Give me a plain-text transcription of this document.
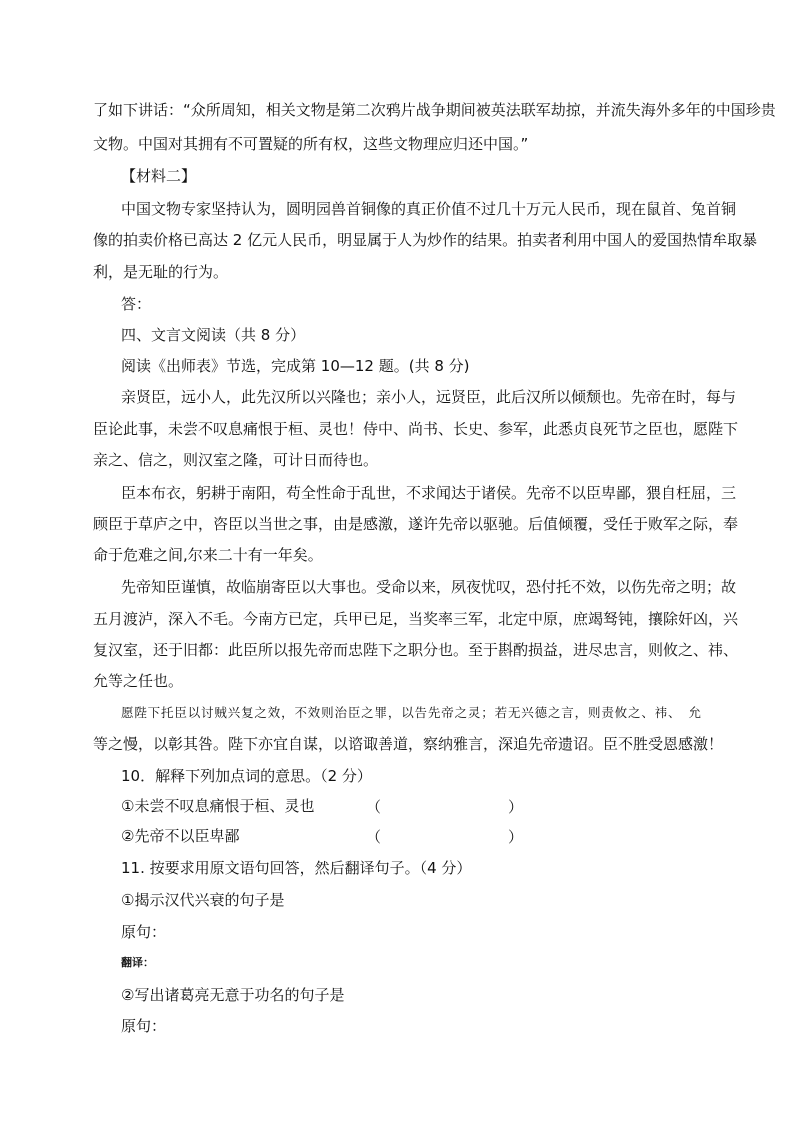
了如下讲话：“众所周知，相关文物是第二次鸦片战争期间被英法联军劫掠，并流失海外多年的中国珍贵
文物。中国对其拥有不可置疑的所有权，这些文物理应归还中国。”
【材料二】
中国文物专家坚持认为，圆明园兽首铜像的真正价值不过几十万元人民币，现在鼠首、兔首铜
像的拍卖价格已高达 2 亿元人民币，明显属于人为炒作的结果。拍卖者利用中国人的爱国热情牟取暴
利，是无耻的行为。
答：
四、文言文阅读（共 8 分）
阅读《出师表》节选，完成第 10—12 题。(共 8 分)
亲贤臣，远小人，此先汉所以兴隆也；亲小人，远贤臣，此后汉所以倾颓也。先帝在时，每与
臣论此事，未尝不叹息痛恨于桓、灵也！侍中、尚书、长史、参军，此悉贞良死节之臣也，愿陛下
亲之、信之，则汉室之隆，可计日而待也。
臣本布衣，躬耕于南阳，苟全性命于乱世，不求闻达于诸侯。先帝不以臣卑鄙，猥自枉屈，三
顾臣于草庐之中，咨臣以当世之事，由是感激，遂许先帝以驱驰。后值倾覆，受任于败军之际，奉
命于危难之间,尔来二十有一年矣。
先帝知臣谨慎，故临崩寄臣以大事也。受命以来，夙夜忧叹，恐付托不效，以伤先帝之明；故
五月渡泸，深入不毛。今南方已定，兵甲已足，当奖率三军，北定中原，庶竭驽钝，攘除奸凶，兴
复汉室，还于旧都：此臣所以报先帝而忠陛下之职分也。至于斟酌损益，进尽忠言，则攸之、祎、
允等之任也。
愿陛下托臣以讨贼兴复之效，不效则治臣之罪，以告先帝之灵；若无兴德之言，则责攸之、祎、　允
等之慢，以彰其咎。陛下亦宜自谋，以谘诹善道，察纳雅言，深追先帝遗诏。臣不胜受恩感激！
10．解释下列加点词的意思。（2 分）
①未尝不叹息痛恨于桓、灵也	（	）
②先帝不以臣卑鄙	（	）
11. 按要求用原文语句回答，然后翻译句子。（4 分）
①揭示汉代兴衰的句子是
原句：
翻译：
②写出诸葛亮无意于功名的句子是
原句：
